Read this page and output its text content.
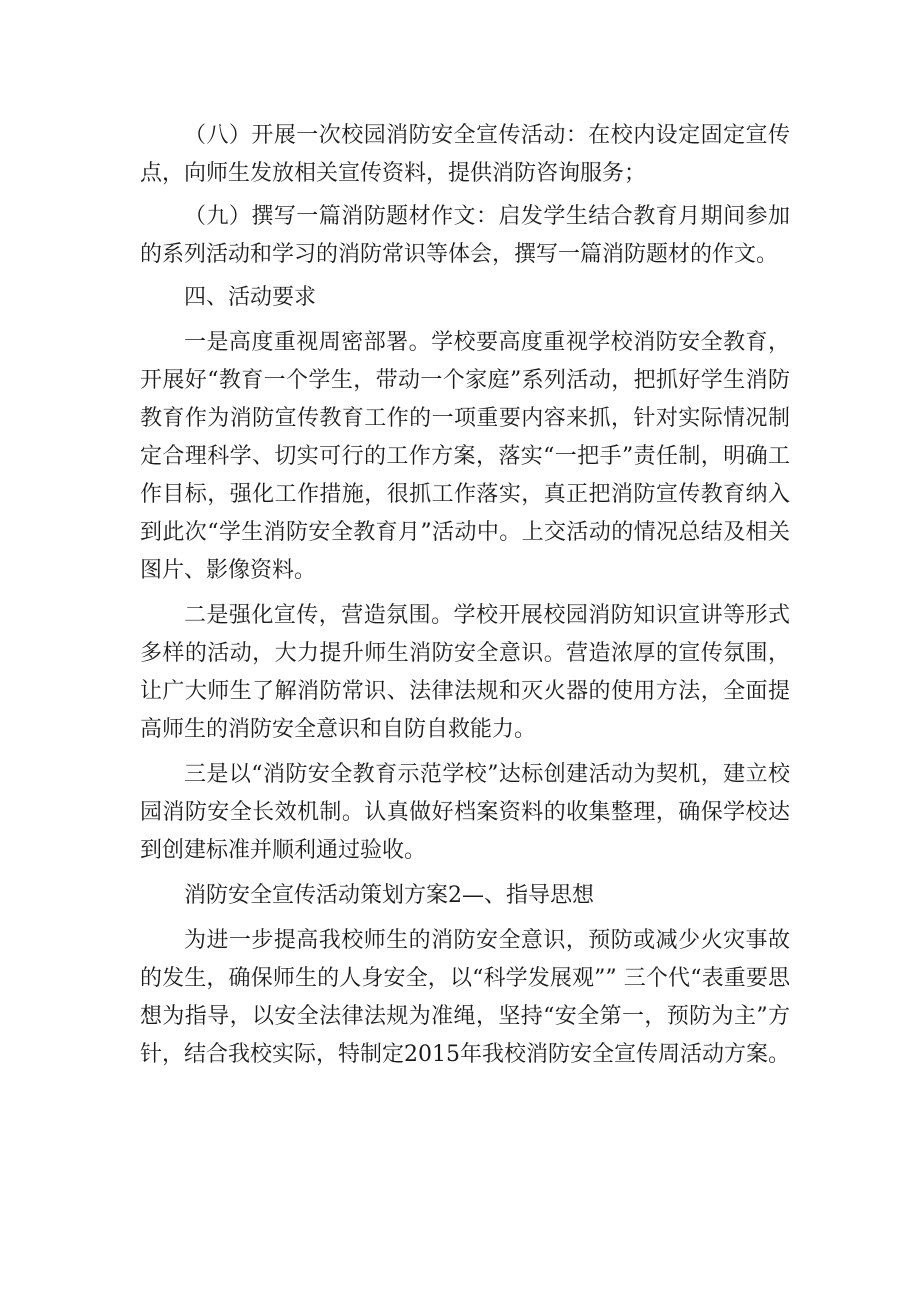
（八）开展一次校园消防安全宣传活动：在校内设定固定宣传点，向师生发放相关宣传资料，提供消防咨询服务；

（九）撰写一篇消防题材作文：启发学生结合教育月期间参加的系列活动和学习的消防常识等体会，撰写一篇消防题材的作文。

四、活动要求

一是高度重视周密部署。学校要高度重视学校消防安全教育，开展好“教育一个学生，带动一个家庭”系列活动，把抓好学生消防教育作为消防宣传教育工作的一项重要内容来抓，针对实际情况制定合理科学、切实可行的工作方案，落实“一把手”责任制，明确工作目标，强化工作措施，很抓工作落实，真正把消防宣传教育纳入到此次“学生消防安全教育月”活动中。上交活动的情况总结及相关图片、影像资料。

二是强化宣传，营造氛围。学校开展校园消防知识宣讲等形式多样的活动，大力提升师生消防安全意识。营造浓厚的宣传氛围，让广大师生了解消防常识、法律法规和灭火器的使用方法，全面提高师生的消防安全意识和自防自救能力。

三是以“消防安全教育示范学校”达标创建活动为契机，建立校园消防安全长效机制。认真做好档案资料的收集整理，确保学校达到创建标准并顺利通过验收。

消防安全宣传活动策划方案2—、指导思想

为进一步提高我校师生的消防安全意识，预防或减少火灾事故的发生，确保师生的人身安全，以“科学发展观”” 三个代“表重要思想为指导，以安全法律法规为准绳，坚持“安全第一，预防为主”方针，结合我校实际，特制定2015年我校消防安全宣传周活动方案。
